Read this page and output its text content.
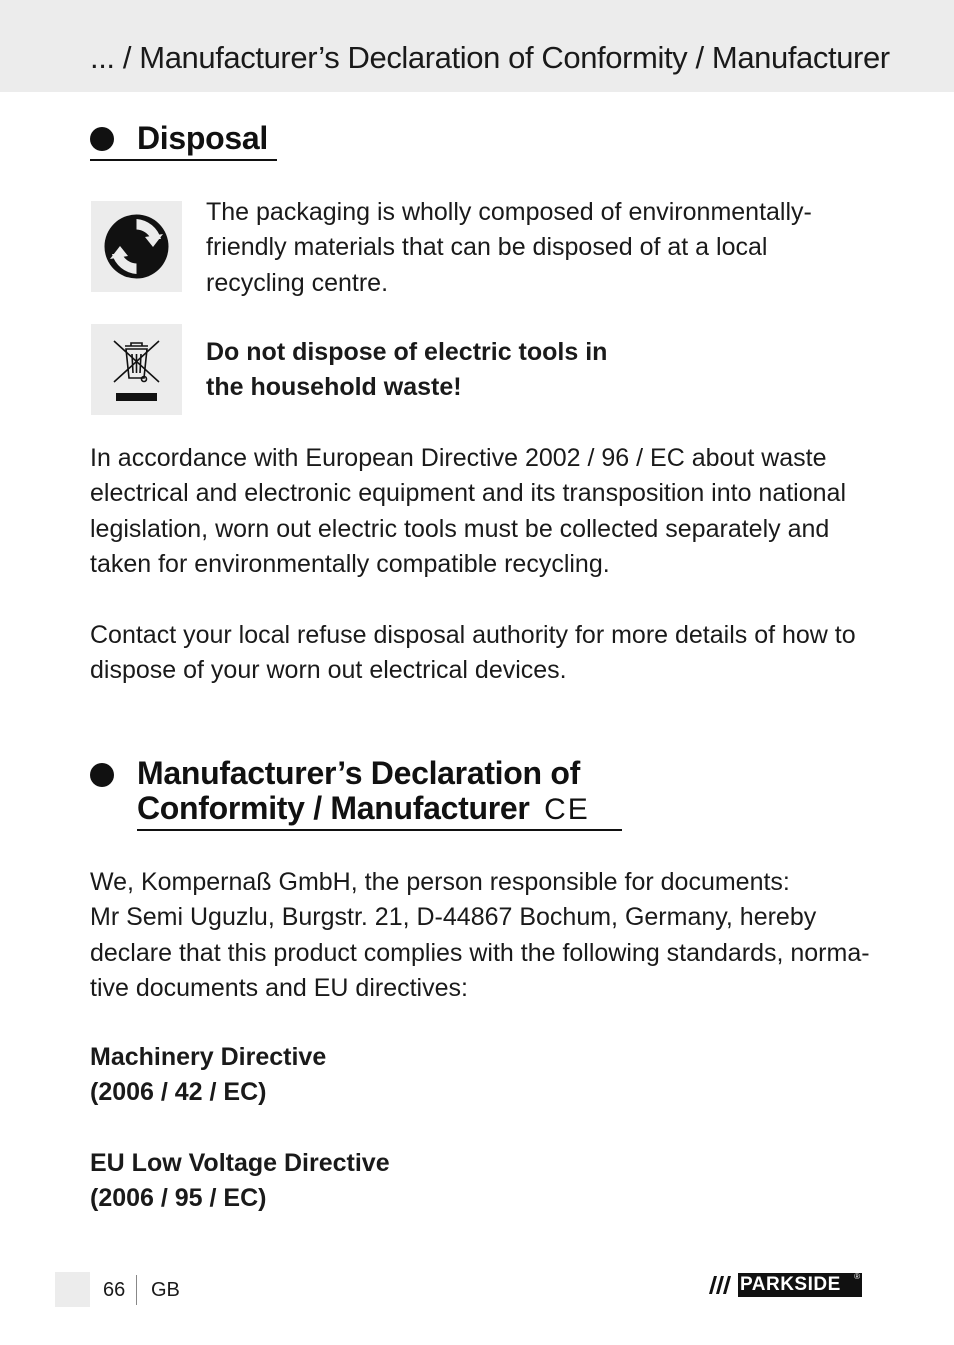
... / Manufacturer’s Declaration of Conformity / Manufacturer
Disposal
The packaging is wholly composed of environmentally-
friendly materials that can be disposed of at a local
recycling centre.
Do not dispose of electric tools in
the household waste!
In accordance with European Directive 2002 / 96 / EC about waste
electrical and electronic equipment and its transposition into national
legislation, worn out electric tools must be collected separately and
taken for environmentally compatible recycling.
Contact your local refuse disposal authority for more details of how to
dispose of your worn out electrical devices.
Manufacturer’s Declaration of
Conformity / Manufacturer CE
We, Kompernaß GmbH, the person responsible for documents:
Mr Semi Uguzlu, Burgstr. 21, D-44867 Bochum, Germany, hereby
declare that this product complies with the following standards, norma-
tive documents and EU directives:
Machinery Directive
(2006 / 42 / EC)
EU Low Voltage Directive
(2006 / 95 / EC)
66 GB	PARKSIDE ®
